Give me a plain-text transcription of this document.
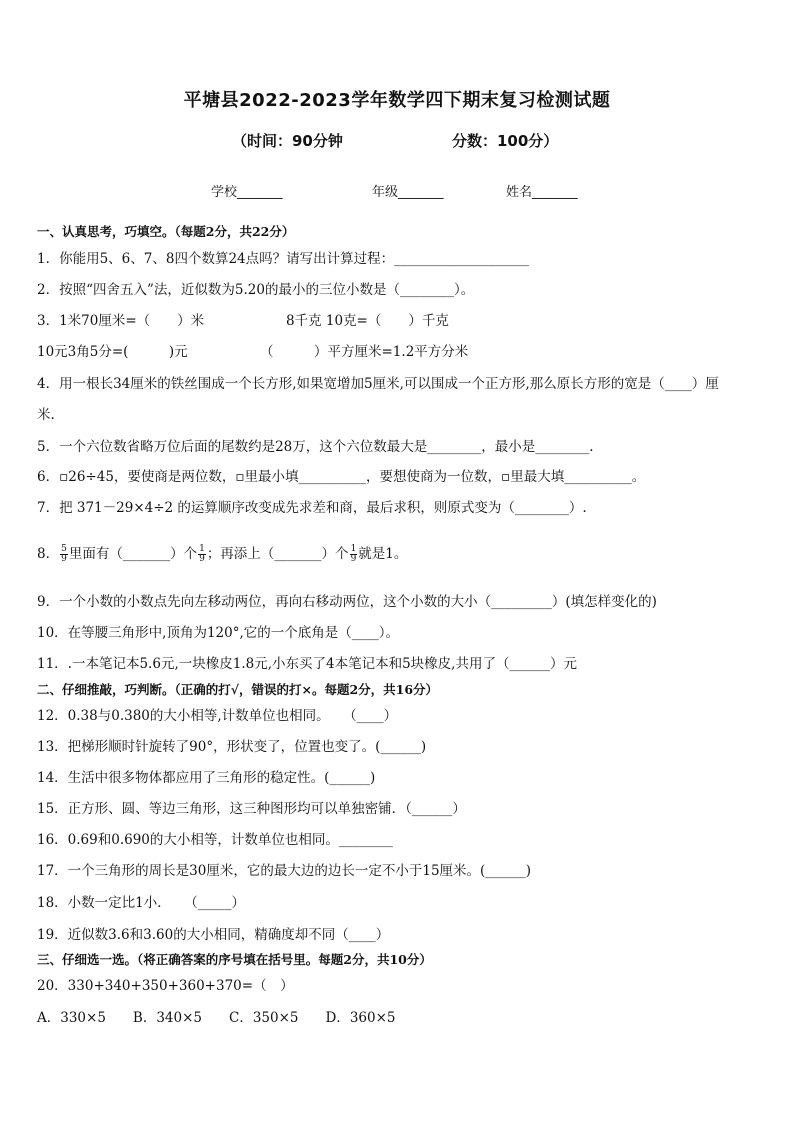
平塘县2022-2023学年数学四下期末复习检测试题
（时间：90分钟	分数：100分）
学校_______	年级_______	姓名_______
一、认真思考，巧填空。（每题2分，共22分）
1．你能用5、6、7、8四个数算24点吗？请写出计算过程：____________________
2．按照“四舍五入”法，近似数为5.20的最小的三位小数是（________）。
3．1米70厘米=（　　）米	8千克 10克=（　　）千克
10元3角5分=(　　　)元	（　　　）平方厘米=1.2平方分米
4．用一根长34厘米的铁丝围成一个长方形,如果宽增加5厘米,可以围成一个正方形,那么原长方形的宽是（____）厘
米.
5．一个六位数省略万位后面的尾数约是28万，这个六位数最大是________，最小是________.
6．▫26÷45，要使商是两位数，▫里最小填__________，要想使商为一位数，▫里最大填__________。
7．把 371－29×4÷2 的运算顺序改变成先求差和商，最后求积，则原式变为（________）.
8． $\frac{5}{9}$ 里面有（_______）个 $\frac{1}{9}$ ；再添上（_______）个 $\frac{1}{9}$ 就是1。
9．一个小数的小数点先向左移动两位，再向右移动两位，这个小数的大小（_________）(填怎样变化的)
10．在等腰三角形中,顶角为120°,它的一个底角是（____）。
11．.一本笔记本5.6元,一块橡皮1.8元,小东买了4本笔记本和5块橡皮,共用了（______）元
二、仔细推敲，巧判断。（正确的打√，错误的打×。每题2分，共16分）
12．0.38与0.380的大小相等,计数单位也相同。　　（____）
13．把梯形顺时针旋转了90°，形状变了，位置也变了。(______)
14．生活中很多物体都应用了三角形的稳定性。(______)
15．正方形、圆、等边三角形，这三种图形均可以单独密铺．（______）
16．0.69和0.690的大小相等，计数单位也相同。________
17．一个三角形的周长是30厘米，它的最大边的边长一定不小于15厘米。(______)
18．小数一定比1小．　　（_____）
19．近似数3.6和3.60的大小相同，精确度却不同（____）
三、仔细选一选。（将正确答案的序号填在括号里。每题2分，共10分）
20．330+340+350+360+370=（　）
A．330×5　　B．340×5　　C．350×5　　D．360×5
